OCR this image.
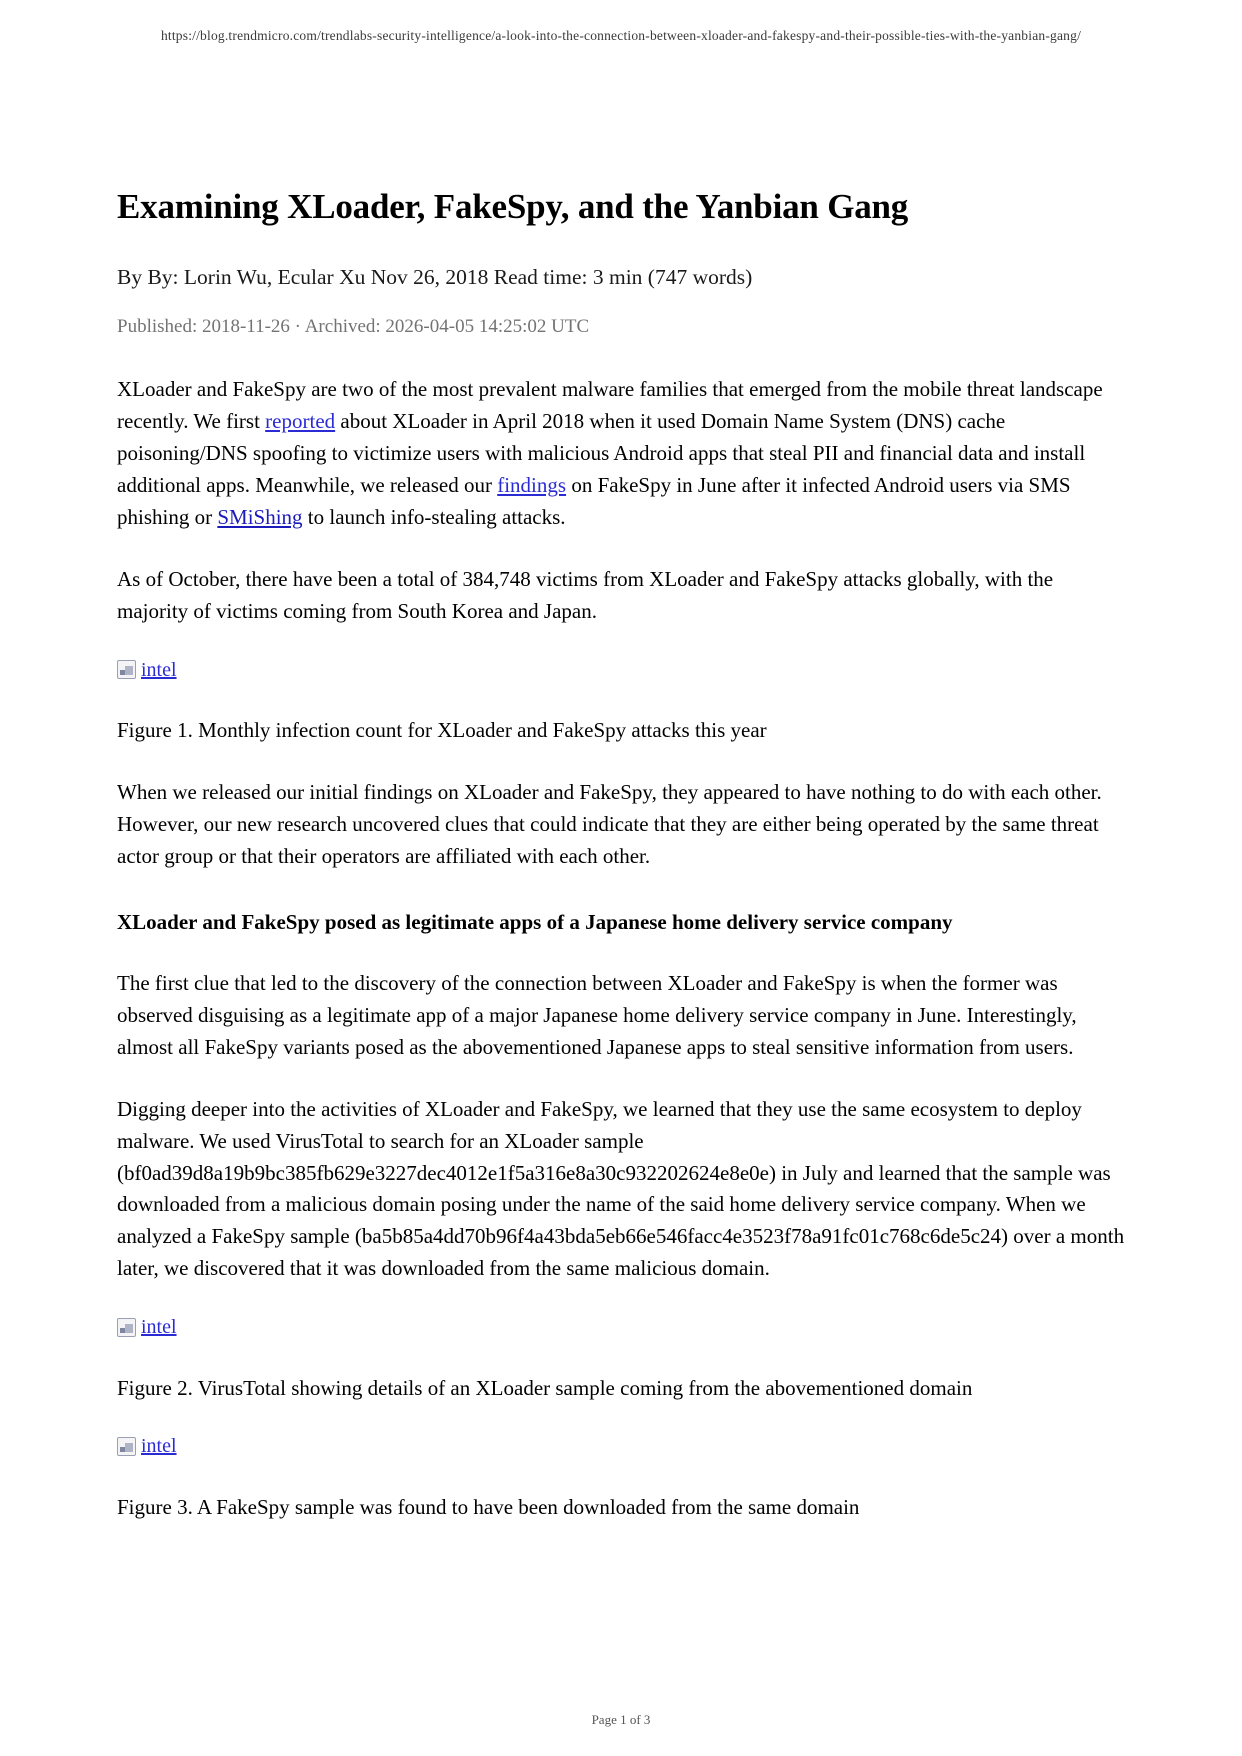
https://blog.trendmicro.com/trendlabs-security-intelligence/a-look-into-the-connection-between-xloader-and-fakespy-and-their-possible-ties-with-the-yanbian-gang/
Examining XLoader, FakeSpy, and the Yanbian Gang
By By: Lorin Wu, Ecular Xu Nov 26, 2018 Read time: 3 min (747 words)
Published: 2018-11-26 · Archived: 2026-04-05 14:25:02 UTC

XLoader and FakeSpy are two of the most prevalent malware families that emerged from the mobile threat landscape recently. We first reported about XLoader in April 2018 when it used Domain Name System (DNS) cache poisoning/DNS spoofing to victimize users with malicious Android apps that steal PII and financial data and install additional apps. Meanwhile, we released our findings on FakeSpy in June after it infected Android users via SMS phishing or SMiShing to launch info-stealing attacks.

As of October, there have been a total of 384,748 victims from XLoader and FakeSpy attacks globally, with the majority of victims coming from South Korea and Japan.

intel

Figure 1. Monthly infection count for XLoader and FakeSpy attacks this year

When we released our initial findings on XLoader and FakeSpy, they appeared to have nothing to do with each other. However, our new research uncovered clues that could indicate that they are either being operated by the same threat actor group or that their operators are affiliated with each other.

XLoader and FakeSpy posed as legitimate apps of a Japanese home delivery service company

The first clue that led to the discovery of the connection between XLoader and FakeSpy is when the former was observed disguising as a legitimate app of a major Japanese home delivery service company in June. Interestingly, almost all FakeSpy variants posed as the abovementioned Japanese apps to steal sensitive information from users.

Digging deeper into the activities of XLoader and FakeSpy, we learned that they use the same ecosystem to deploy malware. We used VirusTotal to search for an XLoader sample (bf0ad39d8a19b9bc385fb629e3227dec4012e1f5a316e8a30c932202624e8e0e) in July and learned that the sample was downloaded from a malicious domain posing under the name of the said home delivery service company. When we analyzed a FakeSpy sample (ba5b85a4dd70b96f4a43bda5eb66e546facc4e3523f78a91fc01c768c6de5c24) over a month later, we discovered that it was downloaded from the same malicious domain.

intel

Figure 2. VirusTotal showing details of an XLoader sample coming from the abovementioned domain

intel

Figure 3. A FakeSpy sample was found to have been downloaded from the same domain

Page 1 of 3
